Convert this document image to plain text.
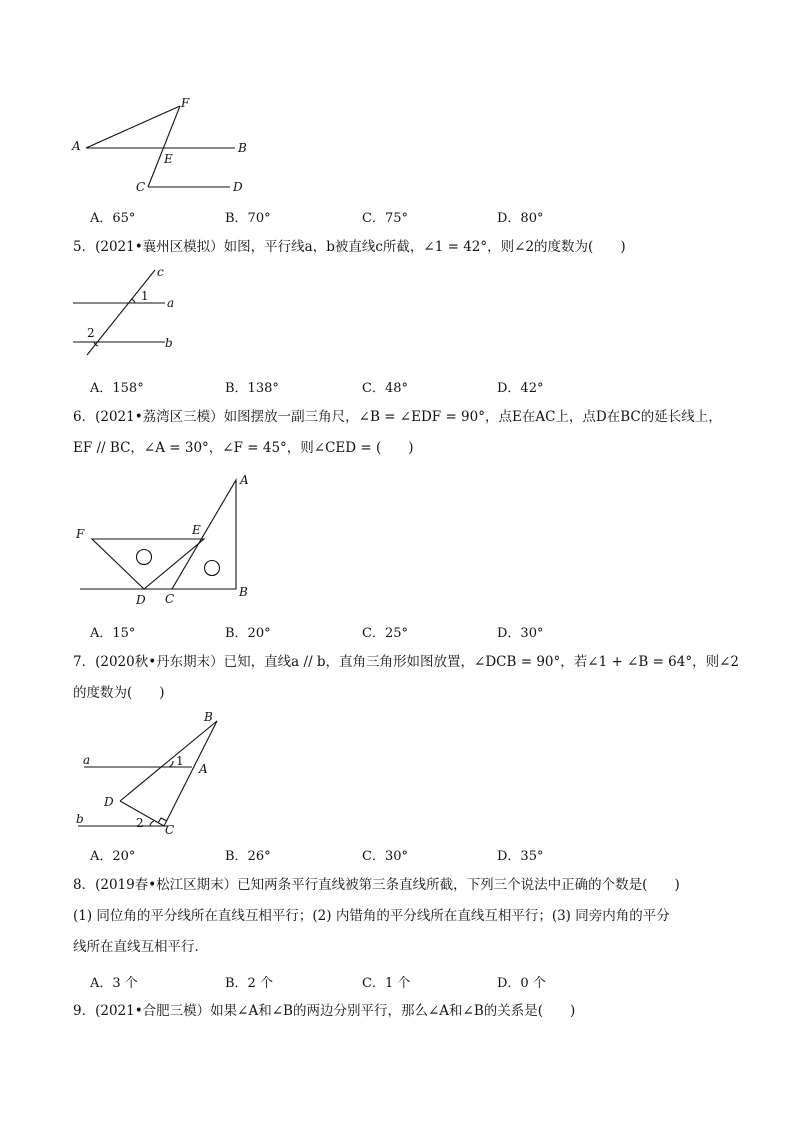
F
A	B
E
C	D
A．65°	B．70°	C．75°	D．80°
5．(2021•襄州区模拟）如图，平行线a，b被直线c所截，∠1 = 42°，则∠2的度数为(　　)
c
1 a
2
b
A．158°	B．138°	C．48°	D．42°
6．(2021•荔湾区三模）如图摆放一副三角尺，∠B = ∠EDF = 90°，点E在AC上，点D在BC的延长线上，
EF // BC，∠A = 30°，∠F = 45°，则∠CED = (　　)
A
F	E
D C	B
A．15°	B．20°	C．25°	D．30°
7．(2020秋•丹东期末）已知，直线a // b，直角三角形如图放置，∠DCB = 90°，若∠1 + ∠B = 64°，则∠2
的度数为(　　)
B
a	1
A
D
b	2 C
A．20°	B．26°	C．30°	D．35°
8．(2019春•松江区期末）已知两条平行直线被第三条直线所截，下列三个说法中正确的个数是(　　)
(1) 同位角的平分线所在直线互相平行；(2) 内错角的平分线所在直线互相平行；(3) 同旁内角的平分
线所在直线互相平行．
A．3 个	B．2 个	C．1 个	D．0 个
9．(2021•合肥三模）如果∠A和∠B的两边分别平行，那么∠A和∠B的关系是(　　)
